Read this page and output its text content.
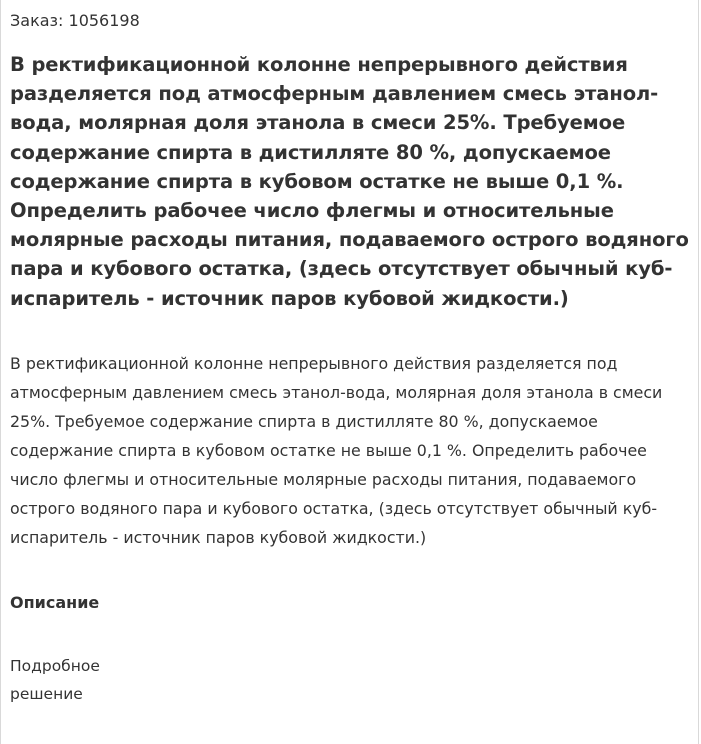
Заказ: 1056198
В ректификационной колонне непрерывного действия разделяется под атмосферным давлением смесь этанол-вода, молярная доля этанола в смеси 25%. Требуемое содержание спирта в дистилляте 80 %, допускаемое содержание спирта в кубовом остатке не выше 0,1 %. Определить рабочее число флегмы и относительные молярные расходы питания, подаваемого острого водяного пара и кубового остатка, (здесь отсутствует обычный куб-испаритель - источник паров кубовой жидкости.)

В ректификационной колонне непрерывного действия разделяется под атмосферным давлением смесь этанол-вода, молярная доля этанола в смеси 25%. Требуемое содержание спирта в дистилляте 80 %, допускаемое содержание спирта в кубовом остатке не выше 0,1 %. Определить рабочее число флегмы и относительные молярные расходы питания, подаваемого острого водяного пара и кубового остатка, (здесь отсутствует обычный куб-испаритель - источник паров кубовой жидкости.)

Описание

Подробное решение
